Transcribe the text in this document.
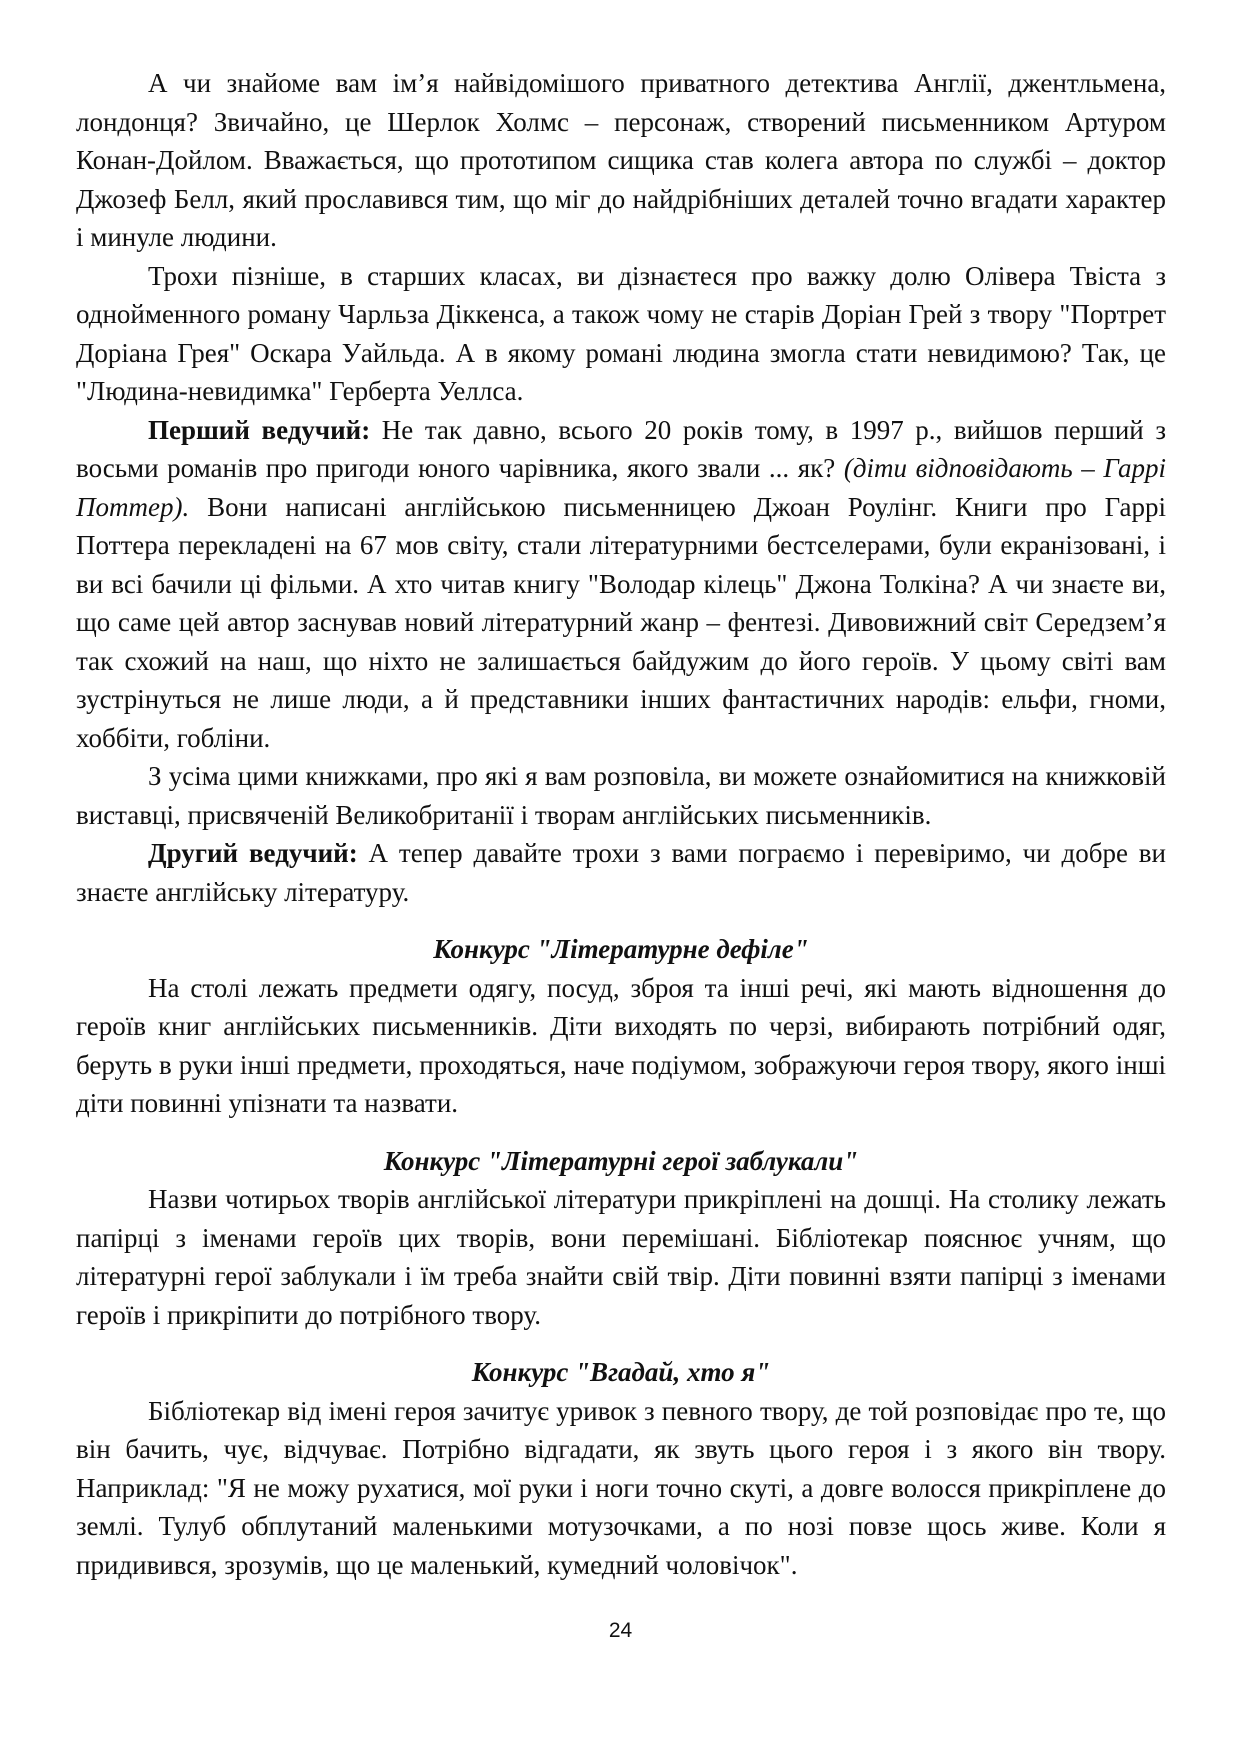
А чи знайоме вам ім’я найвідомішого приватного детектива Англії, джентльмена, лондонця? Звичайно, це Шерлок Холмс – персонаж, створений письменником Артуром Конан-Дойлом. Вважається, що прототипом сищика став колега автора по службі – доктор Джозеф Белл, який прославився тим, що міг до найдрібніших деталей точно вгадати характер і минуле людини.

Трохи пізніше, в старших класах, ви дізнаєтеся про важку долю Олівера Твіста з однойменного роману Чарльза Діккенса, а також чому не старів Доріан Грей з твору "Портрет Доріана Грея" Оскара Уайльда. А в якому романі людина змогла стати невидимою? Так, це "Людина-невидимка" Герберта Уеллса.

Перший ведучий: Не так давно, всього 20 років тому, в 1997 р., вийшов перший з восьми романів про пригоди юного чарівника, якого звали ... як? (діти відповідають – Гаррі Поттер). Вони написані англійською письменницею Джоан Роулінг. Книги про Гаррі Поттера перекладені на 67 мов світу, стали літературними бестселерами, були екранізовані, і ви всі бачили ці фільми. А хто читав книгу "Володар кілець" Джона Толкіна? А чи знаєте ви, що саме цей автор заснував новий літературний жанр – фентезі. Дивовижний світ Середзем’я так схожий на наш, що ніхто не залишається байдужим до його героїв. У цьому світі вам зустрінуться не лише люди, а й представники інших фантастичних народів: ельфи, гноми, хоббіти, гобліни.

З усіма цими книжками, про які я вам розповіла, ви можете ознайомитися на книжковій виставці, присвяченій Великобританії і творам англійських письменників.

Другий ведучий: А тепер давайте трохи з вами пограємо і перевіримо, чи добре ви знаєте англійську літературу.

Конкурс "Літературне дефіле"

На столі лежать предмети одягу, посуд, зброя та інші речі, які мають відношення до героїв книг англійських письменників. Діти виходять по черзі, вибирають потрібний одяг, беруть в руки інші предмети, проходяться, наче подіумом, зображуючи героя твору, якого інші діти повинні упізнати та назвати.

Конкурс "Літературні герої заблукали"

Назви чотирьох творів англійської літератури прикріплені на дошці. На столику лежать папірці з іменами героїв цих творів, вони перемішані. Бібліотекар пояснює учням, що літературні герої заблукали і їм треба знайти свій твір. Діти повинні взяти папірці з іменами героїв і прикріпити до потрібного твору.

Конкурс "Вгадай, хто я"

Бібліотекар від імені героя зачитує уривок з певного твору, де той розповідає про те, що він бачить, чує, відчуває. Потрібно відгадати, як звуть цього героя і з якого він твору. Наприклад: "Я не можу рухатися, мої руки і ноги точно скуті, а довге волосся прикріплене до землі. Тулуб обплутаний маленькими мотузочками, а по нозі повзе щось живе. Коли я придивився, зрозумів, що це маленький, кумедний чоловічок".

24
